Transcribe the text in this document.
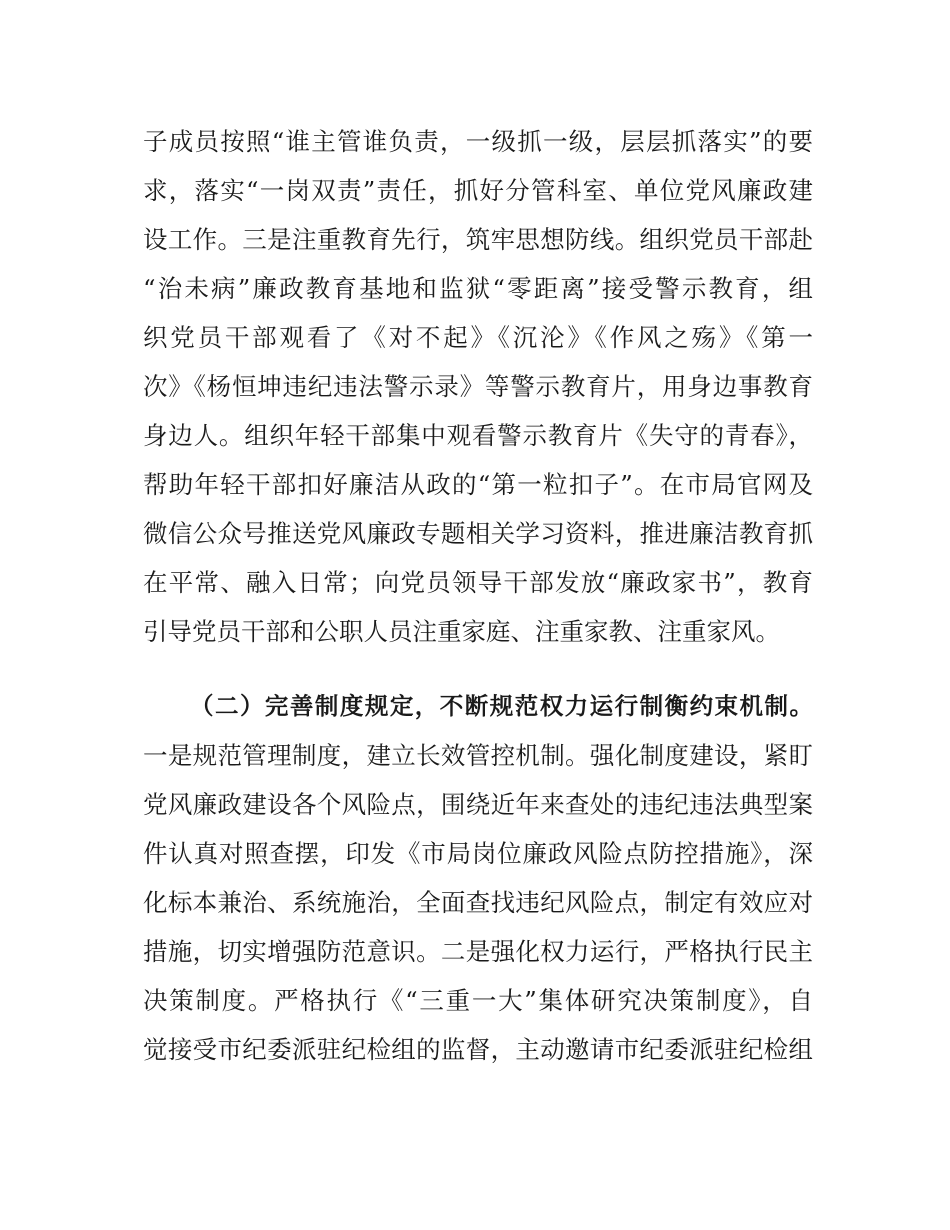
子成员按照“谁主管谁负责，一级抓一级，层层抓落实”的要
求，落实“一岗双责”责任，抓好分管科室、单位党风廉政建
设工作。三是注重教育先行，筑牢思想防线。组织党员干部赴
“治未病”廉政教育基地和监狱“零距离”接受警示教育，组
织党员干部观看了《对不起》《沉沦》《作风之殇》《第一
次》《杨恒坤违纪违法警示录》等警示教育片，用身边事教育
身边人。组织年轻干部集中观看警示教育片《失守的青春》，
帮助年轻干部扣好廉洁从政的“第一粒扣子”。在市局官网及
微信公众号推送党风廉政专题相关学习资料，推进廉洁教育抓
在平常、融入日常；向党员领导干部发放“廉政家书”，教育
引导党员干部和公职人员注重家庭、注重家教、注重家风。
（二）完善制度规定，不断规范权力运行制衡约束机制。
一是规范管理制度，建立长效管控机制。强化制度建设，紧盯
党风廉政建设各个风险点，围绕近年来查处的违纪违法典型案
件认真对照查摆，印发《市局岗位廉政风险点防控措施》，深
化标本兼治、系统施治，全面查找违纪风险点，制定有效应对
措施，切实增强防范意识。二是强化权力运行，严格执行民主
决策制度。严格执行《“三重一大”集体研究决策制度》，自
觉接受市纪委派驻纪检组的监督，主动邀请市纪委派驻纪检组
